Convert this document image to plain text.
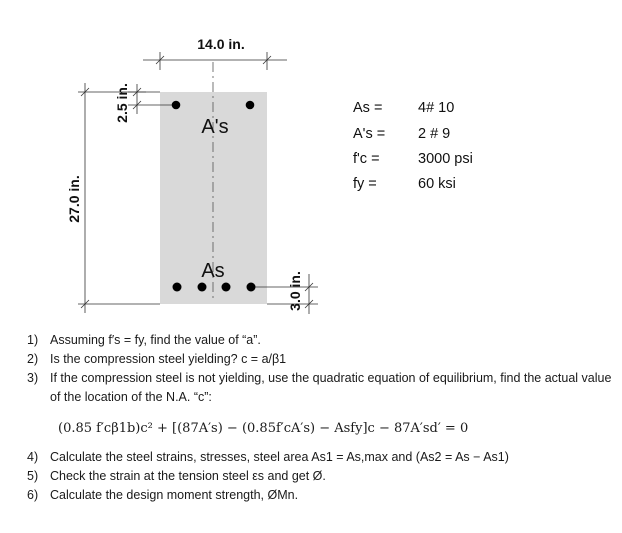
14.0 in.
27.0 in.
2.5 in.
3.0 in.
A's
As
As = 4# 10
A's = 2 # 9
f'c =	3000 psi
fy =	60 ksi
1) Assuming f′s = fy, find the value of “a”.
2) Is the compression steel yielding? c = a/β1
3) If the compression steel is not yielding, use the quadratic equation of equilibrium, find the actual value of the location of the N.A. “c”:
(0.85 f′cβ1b)c² + [(87A′s) − (0.85f′cA′s) − Asfy]c − 87A′sd′ = 0
4) Calculate the steel strains, stresses, steel area As1 = As,max and (As2 = As − As1)
5) Check the strain at the tension steel εs and get Ø.
6) Calculate the design moment strength, ØMn.
